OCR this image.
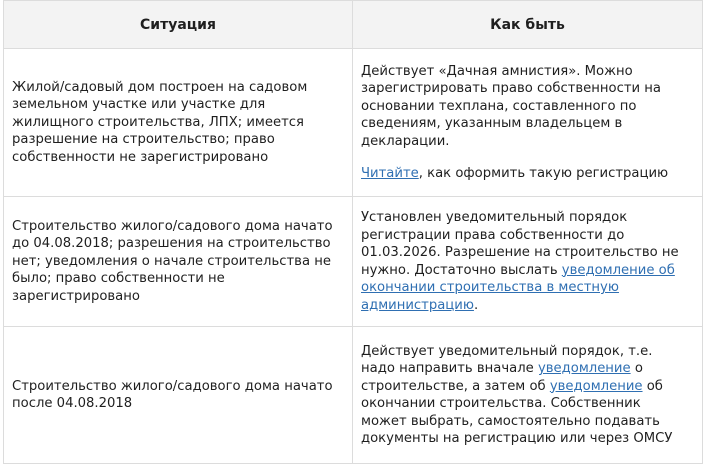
Ситуация	Как быть
Жилой/садовый дом построен на садовом земельном участке или участке для жилищного строительства, ЛПХ; имеется разрешение на строительство; право собственности не зарегистрировано	Действует «Дачная амнистия». Можно зарегистрировать право собственности на основании техплана, составленного по сведениям, указанным владельцем в декларации.

Читайте, как оформить такую регистрацию

Строительство жилого/садового дома начато до 04.08.2018; разрешения на строительство нет; уведомления о начале строительства не было; право собственности не зарегистрировано	Установлен уведомительный порядок регистрации права собственности до 01.03.2026. Разрешение на строительство не нужно. Достаточно выслать уведомление об окончании строительства в местную администрацию.

Строительство жилого/садового дома начато после 04.08.2018	Действует уведомительный порядок, т.е. надо направить вначале уведомление о строительстве, а затем об уведомление об окончании строительства. Собственник может выбрать, самостоятельно подавать документы на регистрацию или через ОМСУ
